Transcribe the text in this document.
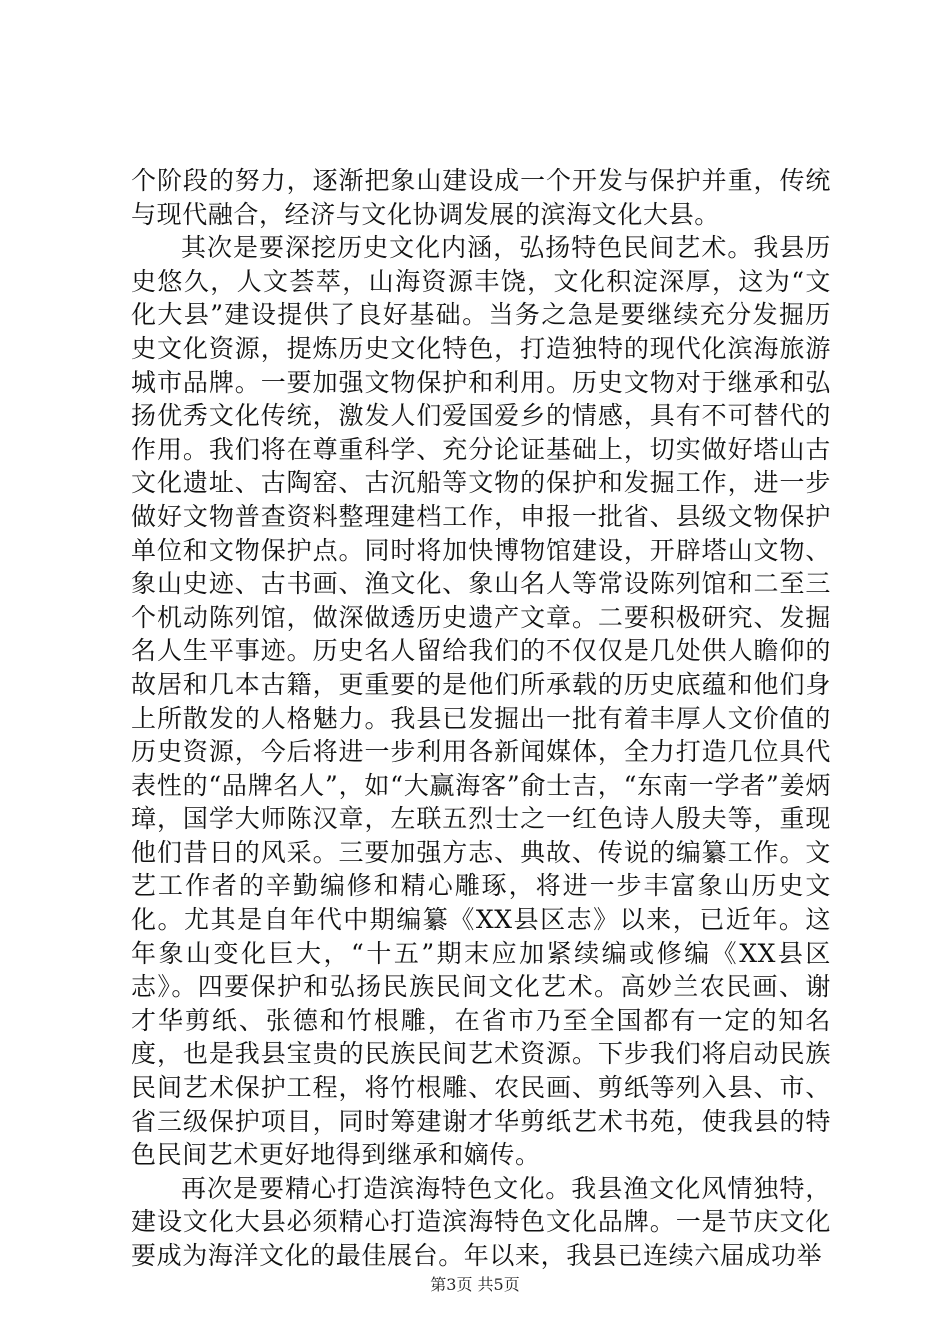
个阶段的努力，逐渐把象山建设成一个开发与保护并重，传统与现代融合，经济与文化协调发展的滨海文化大县。

其次是要深挖历史文化内涵，弘扬特色民间艺术。我县历史悠久，人文荟萃，山海资源丰饶，文化积淀深厚，这为“文化大县”建设提供了良好基础。当务之急是要继续充分发掘历史文化资源，提炼历史文化特色，打造独特的现代化滨海旅游城市品牌。一要加强文物保护和利用。历史文物对于继承和弘扬优秀文化传统，激发人们爱国爱乡的情感，具有不可替代的作用。我们将在尊重科学、充分论证基础上，切实做好塔山古文化遗址、古陶窑、古沉船等文物的保护和发掘工作，进一步做好文物普查资料整理建档工作，申报一批省、县级文物保护单位和文物保护点。同时将加快博物馆建设，开辟塔山文物、象山史迹、古书画、渔文化、象山名人等常设陈列馆和二至三个机动陈列馆，做深做透历史遗产文章。二要积极研究、发掘名人生平事迹。历史名人留给我们的不仅仅是几处供人瞻仰的故居和几本古籍，更重要的是他们所承载的历史底蕴和他们身上所散发的人格魅力。我县已发掘出一批有着丰厚人文价值的历史资源，今后将进一步利用各新闻媒体，全力打造几位具代表性的“品牌名人”，如“大赢海客”俞士吉，“东南一学者”姜炳璋，国学大师陈汉章，左联五烈士之一红色诗人殷夫等，重现他们昔日的风采。三要加强方志、典故、传说的编纂工作。文艺工作者的辛勤编修和精心雕琢，将进一步丰富象山历史文化。尤其是自年代中期编纂《XX县区志》以来，已近年。这年象山变化巨大，“十五”期末应加紧续编或修编《XX县区志》。四要保护和弘扬民族民间文化艺术。高妙兰农民画、谢才华剪纸、张德和竹根雕，在省市乃至全国都有一定的知名度，也是我县宝贵的民族民间艺术资源。下步我们将启动民族民间艺术保护工程，将竹根雕、农民画、剪纸等列入县、市、省三级保护项目，同时筹建谢才华剪纸艺术书苑，使我县的特色民间艺术更好地得到继承和嫡传。

再次是要精心打造滨海特色文化。我县渔文化风情独特，建设文化大县必须精心打造滨海特色文化品牌。一是节庆文化要成为海洋文化的最佳展台。年以来，我县已连续六届成功举

第3页 共5页
